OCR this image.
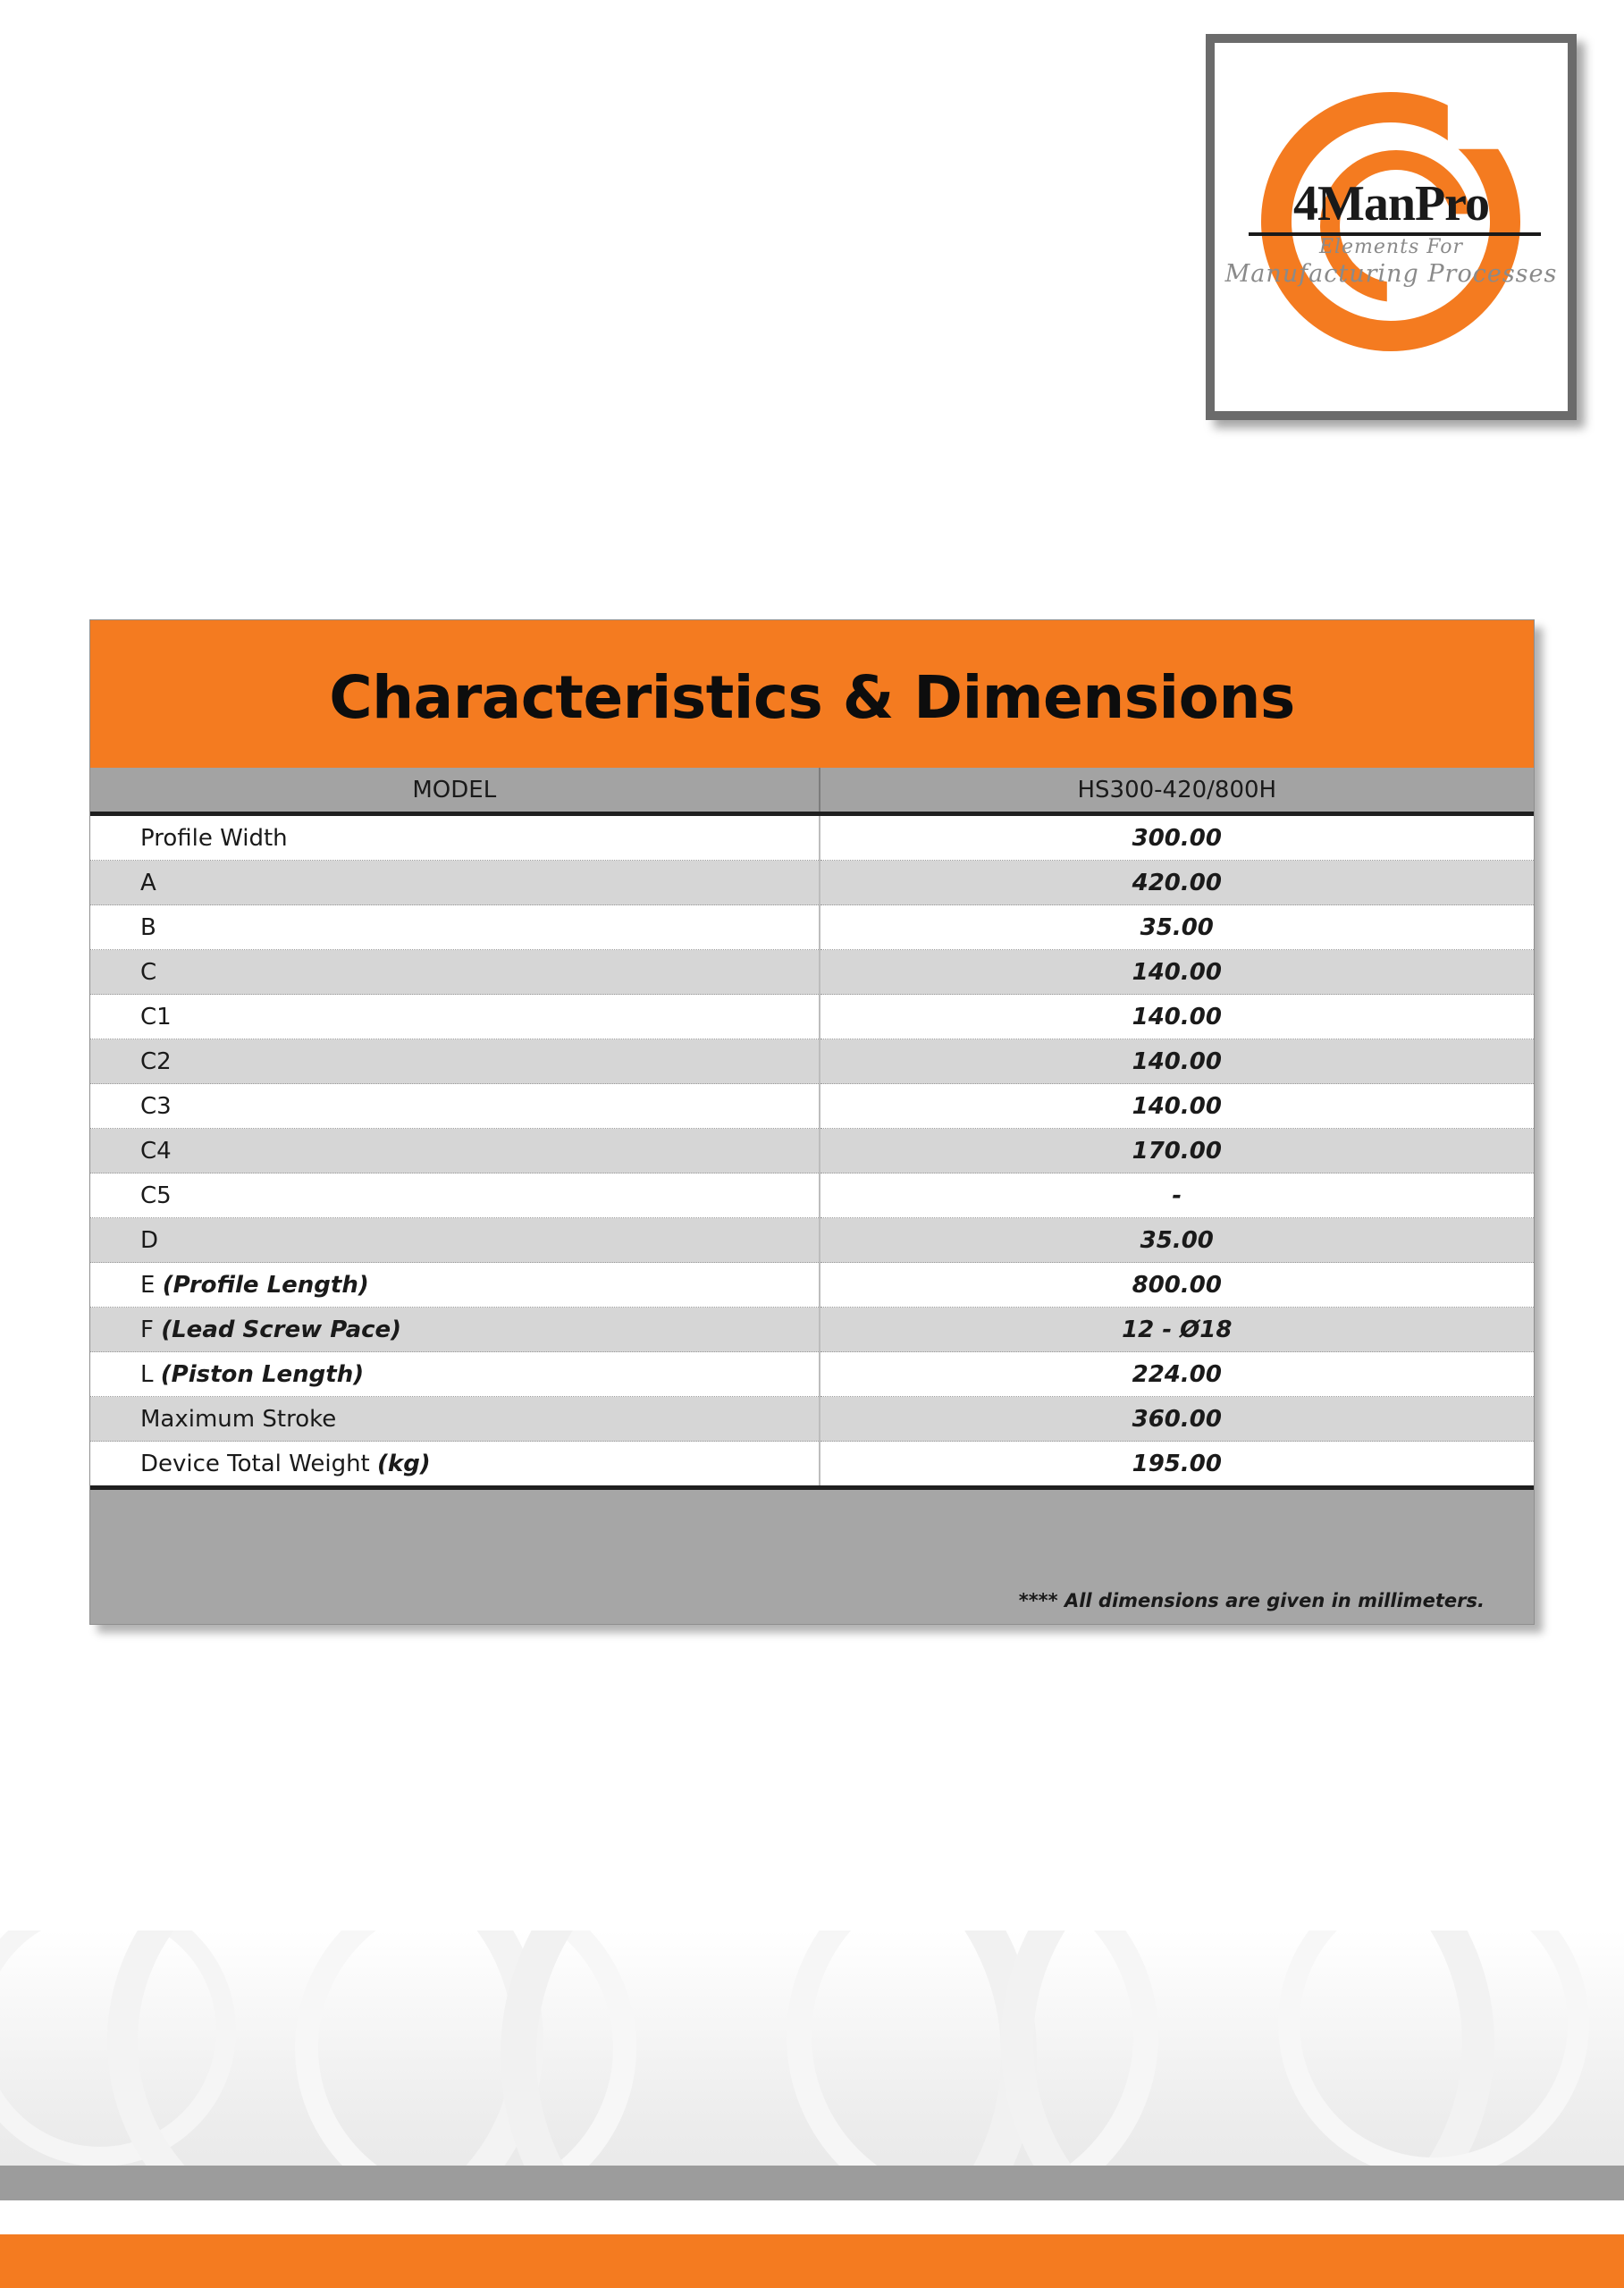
4ManPro
Elements For
Manufacturing Processes
Characteristics & Dimensions
MODEL	HS300-420/800H
Profile Width	300.00
A	420.00
B	35.00
C	140.00
C1	140.00
C2	140.00
C3	140.00
C4	170.00
C5	-
D	35.00
E (Profile Length)	800.00
F (Lead Screw Pace)	12 - Ø18
L (Piston Length)	224.00
Maximum Stroke	360.00
Device Total Weight (kg)	195.00
**** All dimensions are given in millimeters.
